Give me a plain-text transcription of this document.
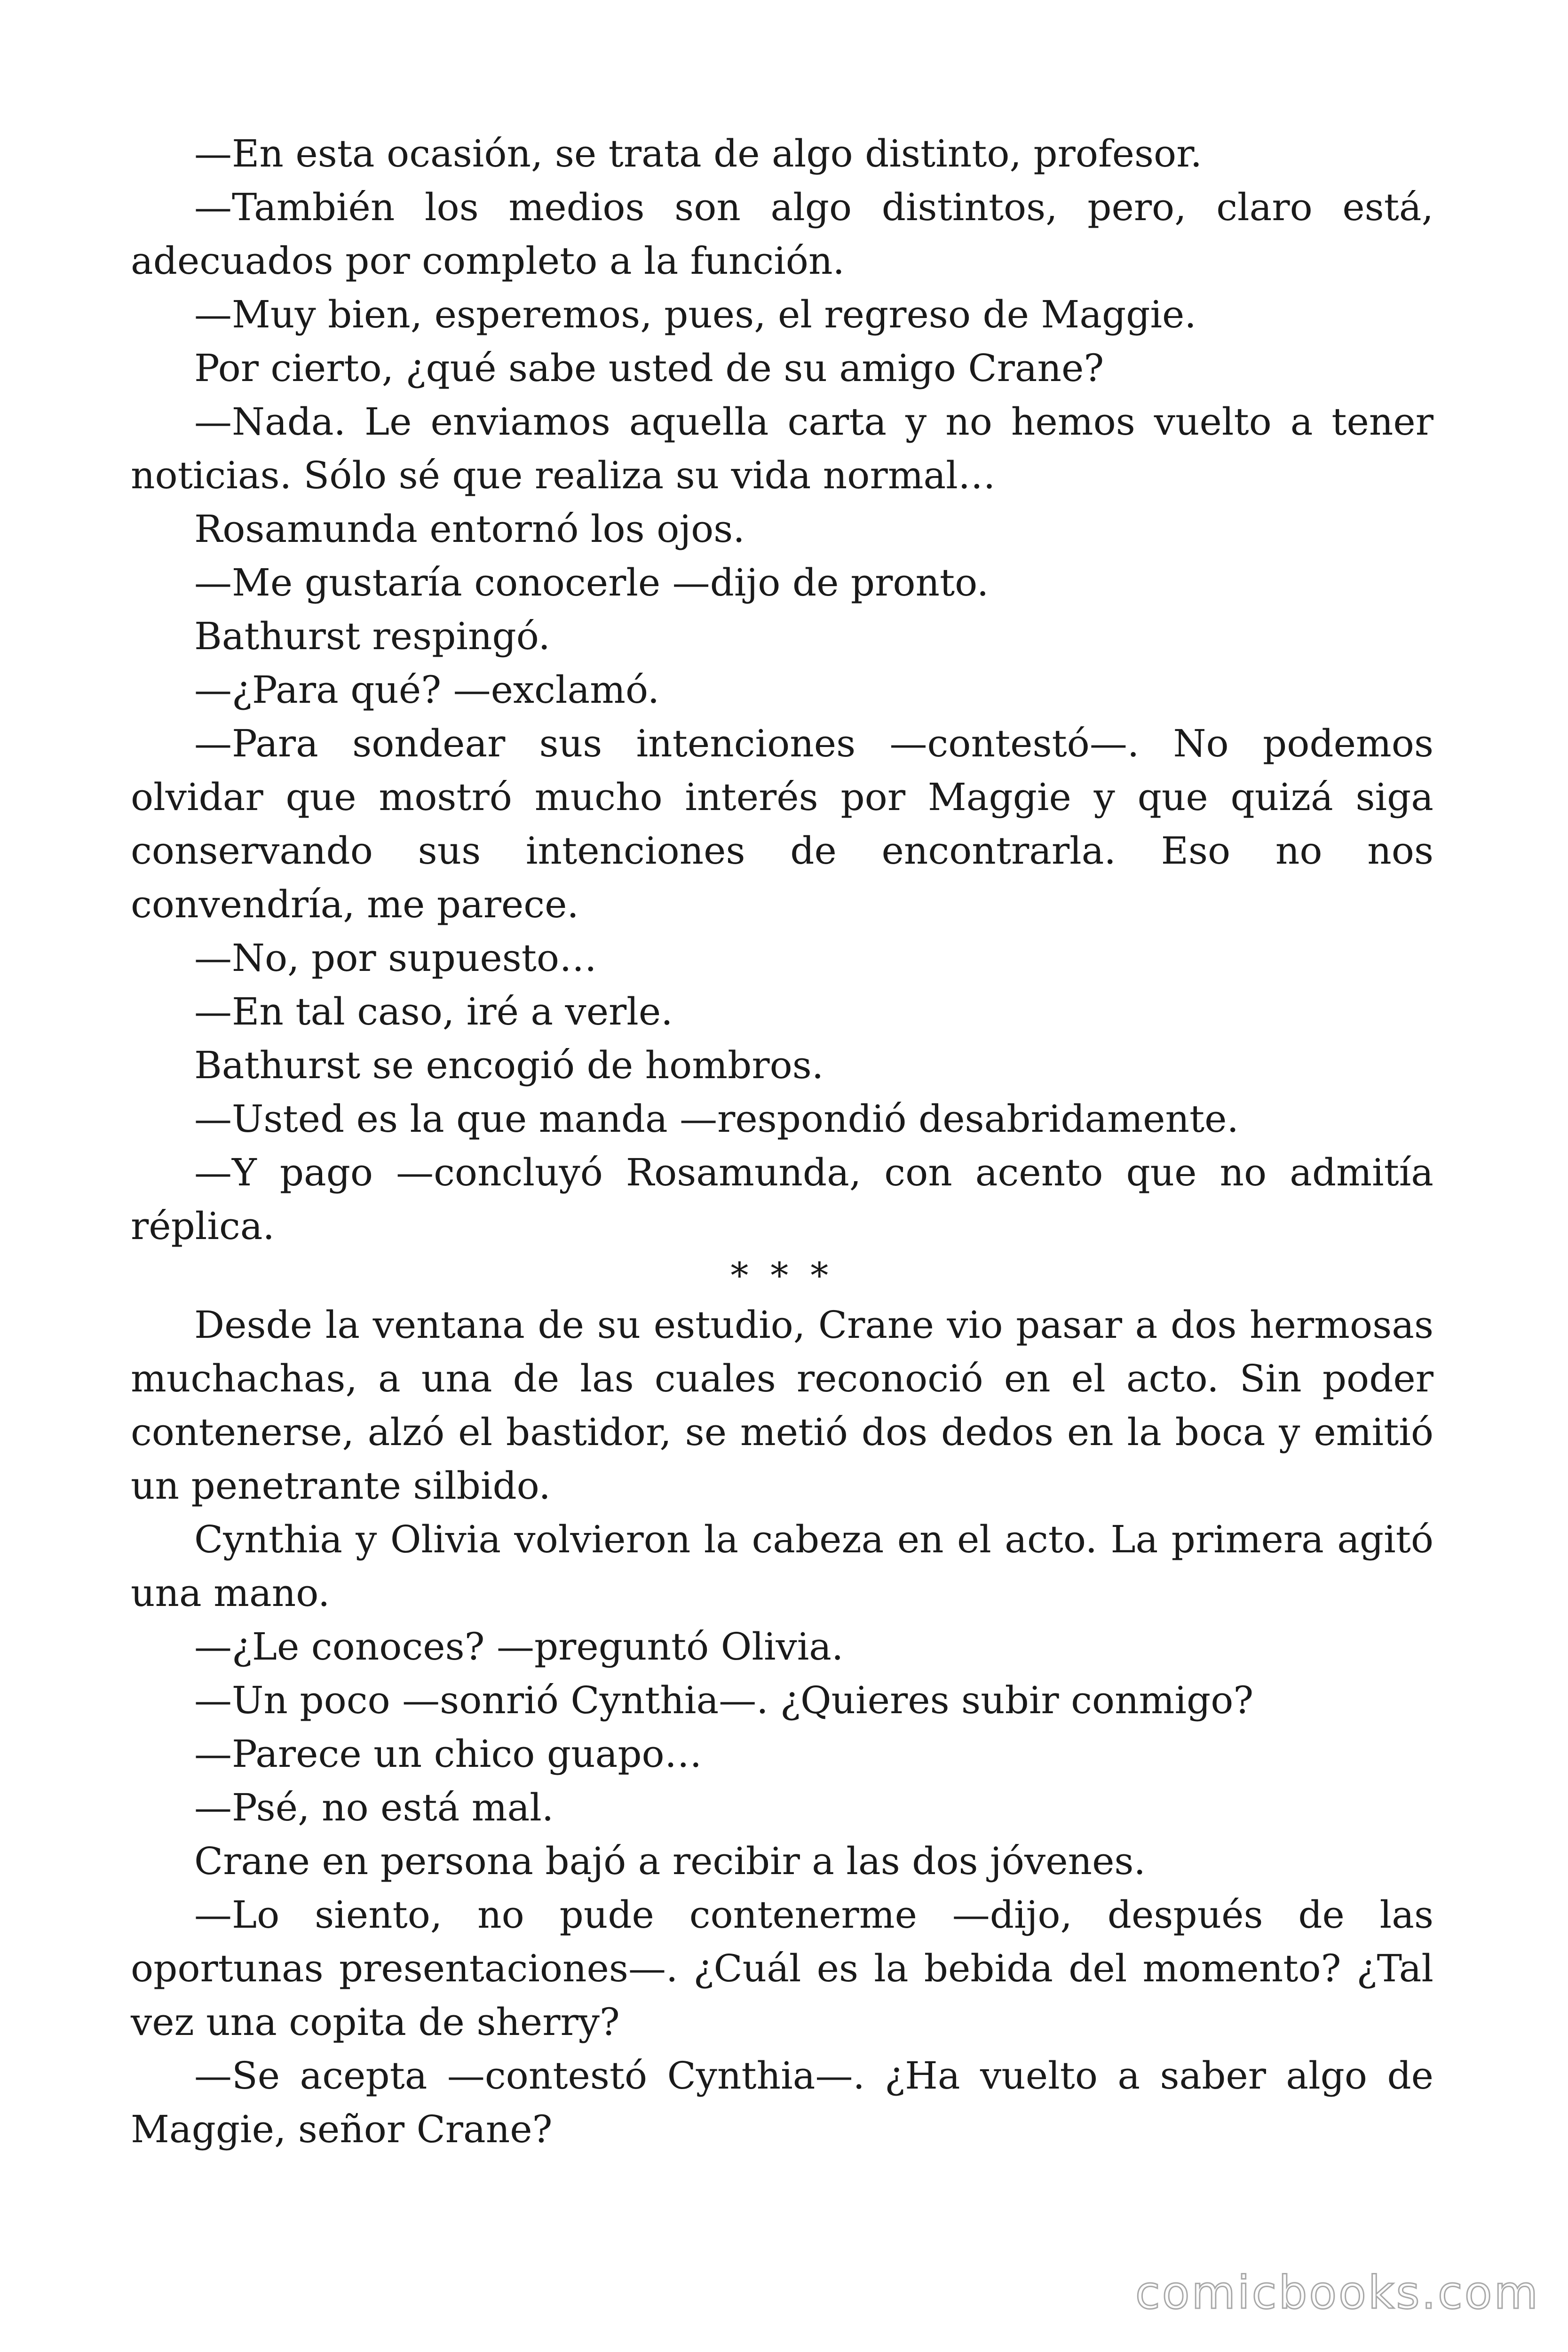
—En esta ocasión, se trata de algo distinto, profesor.

—También los medios son algo distintos, pero, claro está, adecuados por completo a la función.

—Muy bien, esperemos, pues, el regreso de Maggie.

Por cierto, ¿qué sabe usted de su amigo Crane?

—Nada. Le enviamos aquella carta y no hemos vuelto a tener noticias. Sólo sé que realiza su vida normal…

Rosamunda entornó los ojos.

—Me gustaría conocerle —dijo de pronto.

Bathurst respingó.

—¿Para qué? —exclamó.

—Para sondear sus intenciones —contestó—. No podemos olvidar que mostró mucho interés por Maggie y que quizá siga conservando sus intenciones de encontrarla. Eso no nos convendría, me parece.

—No, por supuesto…

—En tal caso, iré a verle.

Bathurst se encogió de hombros.

—Usted es la que manda —respondió desabridamente.

—Y pago —concluyó Rosamunda, con acento que no admitía réplica.

* * *

Desde la ventana de su estudio, Crane vio pasar a dos hermosas muchachas, a una de las cuales reconoció en el acto. Sin poder contenerse, alzó el bastidor, se metió dos dedos en la boca y emitió un penetrante silbido.

Cynthia y Olivia volvieron la cabeza en el acto. La primera agitó una mano.

—¿Le conoces? —preguntó Olivia.

—Un poco —sonrió Cynthia—. ¿Quieres subir conmigo?

—Parece un chico guapo…

—Psé, no está mal.

Crane en persona bajó a recibir a las dos jóvenes.

—Lo siento, no pude contenerme —dijo, después de las oportunas presentaciones—. ¿Cuál es la bebida del momento? ¿Tal vez una copita de sherry?

—Se acepta —contestó Cynthia—. ¿Ha vuelto a saber algo de Maggie, señor Crane?

comicbooks.com
